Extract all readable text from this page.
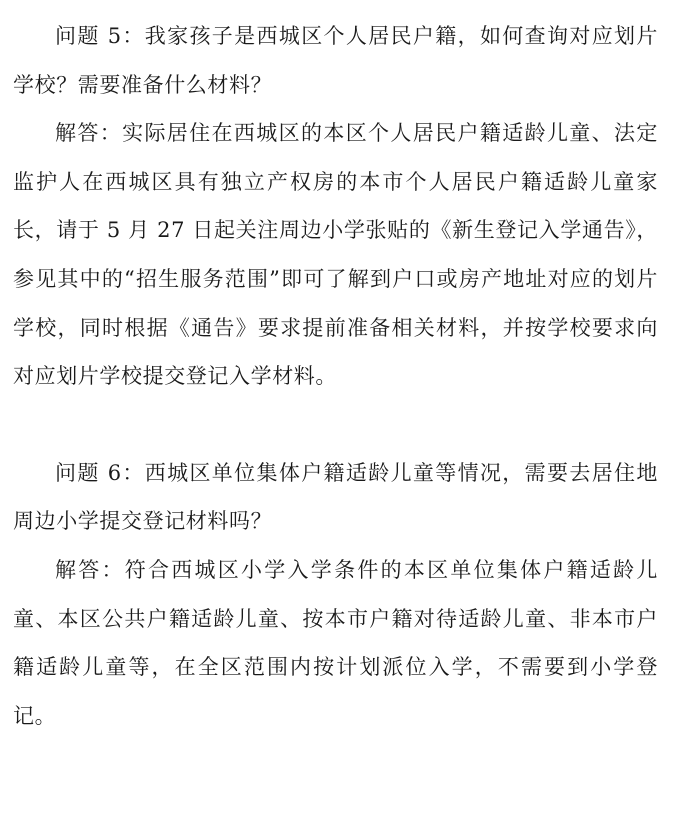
问题 5：我家孩子是西城区个人居民户籍，如何查询对应划片学校？需要准备什么材料？

解答：实际居住在西城区的本区个人居民户籍适龄儿童、法定监护人在西城区具有独立产权房的本市个人居民户籍适龄儿童家长，请于 5 月 27 日起关注周边小学张贴的《新生登记入学通告》，参见其中的“招生服务范围”即可了解到户口或房产地址对应的划片学校，同时根据《通告》要求提前准备相关材料，并按学校要求向对应划片学校提交登记入学材料。

问题 6：西城区单位集体户籍适龄儿童等情况，需要去居住地周边小学提交登记材料吗？

解答：符合西城区小学入学条件的本区单位集体户籍适龄儿童、本区公共户籍适龄儿童、按本市户籍对待适龄儿童、非本市户籍适龄儿童等，在全区范围内按计划派位入学，不需要到小学登记。
